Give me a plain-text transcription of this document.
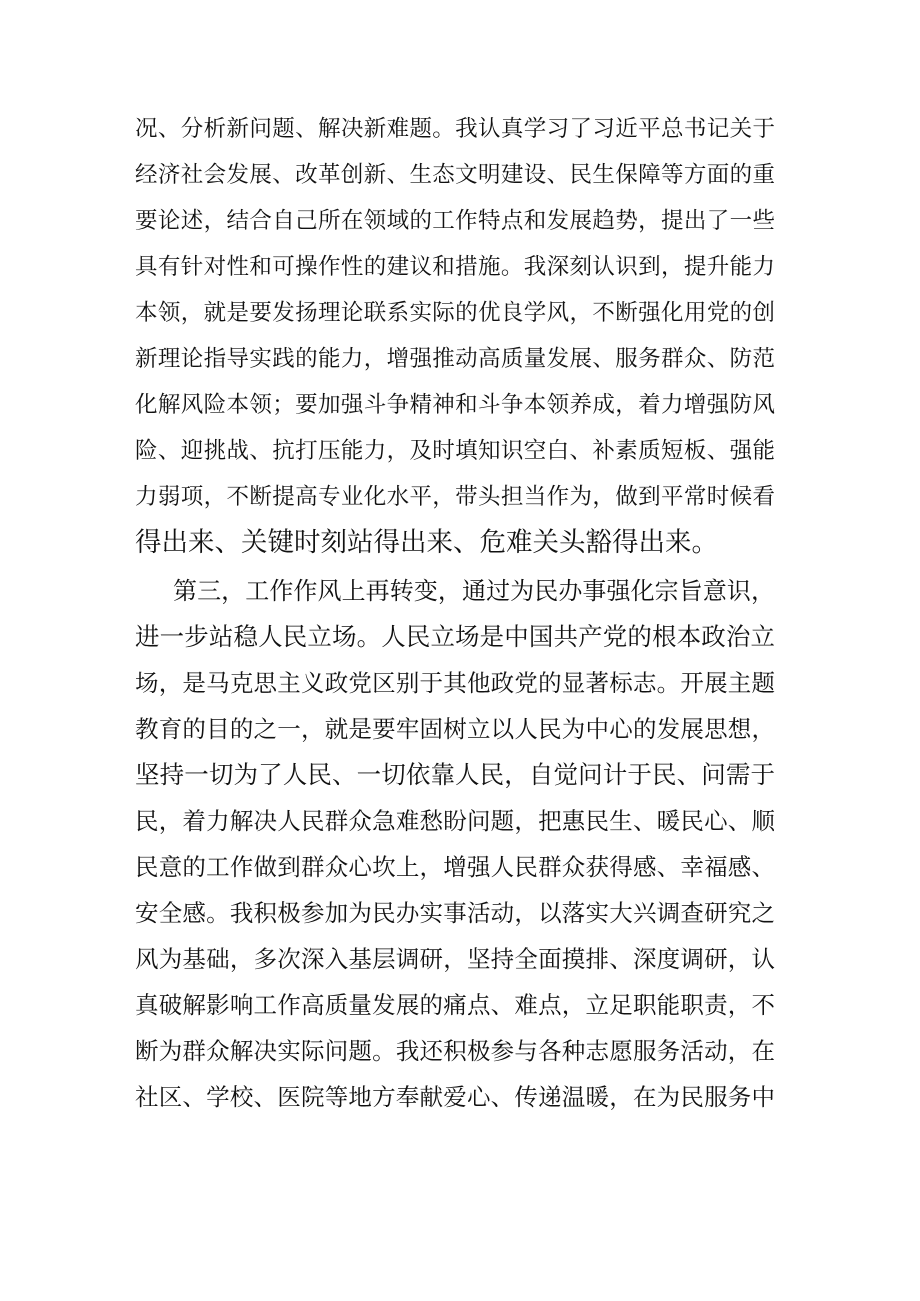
况、分析新问题、解决新难题。我认真学习了习近平总书记关于
经济社会发展、改革创新、生态文明建设、民生保障等方面的重
要论述，结合自己所在领域的工作特点和发展趋势，提出了一些
具有针对性和可操作性的建议和措施。我深刻认识到，提升能力
本领，就是要发扬理论联系实际的优良学风，不断强化用党的创
新理论指导实践的能力，增强推动高质量发展、服务群众、防范
化解风险本领；要加强斗争精神和斗争本领养成，着力增强防风
险、迎挑战、抗打压能力，及时填知识空白、补素质短板、强能
力弱项，不断提高专业化水平，带头担当作为，做到平常时候看
得出来、关键时刻站得出来、危难关头豁得出来。
第三，工作作风上再转变，通过为民办事强化宗旨意识，
进一步站稳人民立场。人民立场是中国共产党的根本政治立
场，是马克思主义政党区别于其他政党的显著标志。开展主题
教育的目的之一，就是要牢固树立以人民为中心的发展思想，
坚持一切为了人民、一切依靠人民，自觉问计于民、问需于
民，着力解决人民群众急难愁盼问题，把惠民生、暖民心、顺
民意的工作做到群众心坎上，增强人民群众获得感、幸福感、
安全感。我积极参加为民办实事活动，以落实大兴调查研究之
风为基础，多次深入基层调研，坚持全面摸排、深度调研，认
真破解影响工作高质量发展的痛点、难点，立足职能职责，不
断为群众解决实际问题。我还积极参与各种志愿服务活动，在
社区、学校、医院等地方奉献爱心、传递温暖，在为民服务中
